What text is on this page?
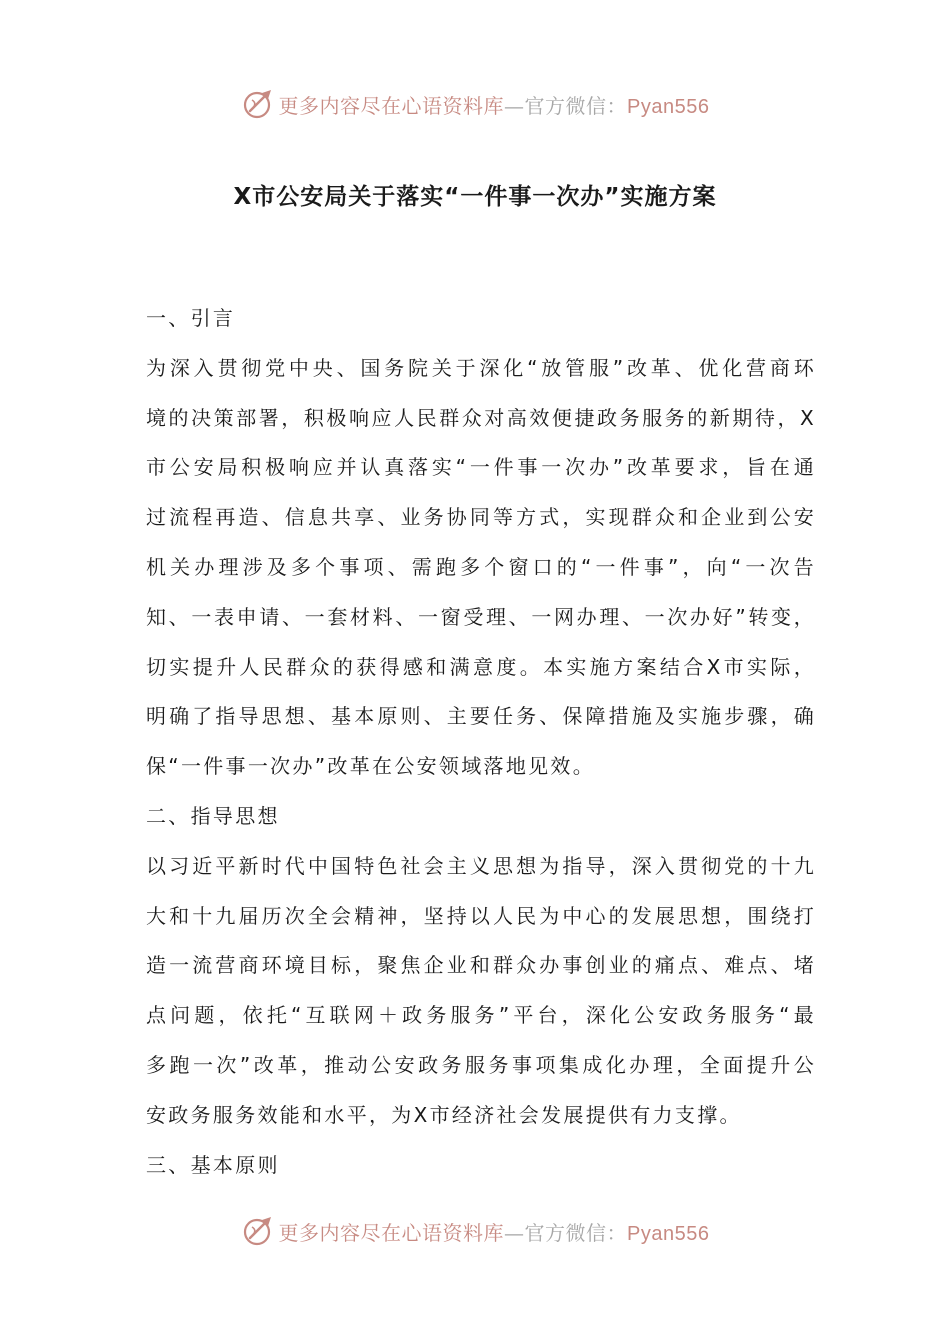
更多内容尽在心语资料库—官方微信：Pyan556
X市公安局关于落实“一件事一次办”实施方案

一、引言

为深入贯彻党中央、国务院关于深化“放管服”改革、优化营商环
境的决策部署，积极响应人民群众对高效便捷政务服务的新期待，X
市公安局积极响应并认真落实“一件事一次办”改革要求，旨在通
过流程再造、信息共享、业务协同等方式，实现群众和企业到公安
机关办理涉及多个事项、需跑多个窗口的“一件事”，向“一次告
知、一表申请、一套材料、一窗受理、一网办理、一次办好”转变，
切实提升人民群众的获得感和满意度。本实施方案结合X市实际，
明确了指导思想、基本原则、主要任务、保障措施及实施步骤，确
保“一件事一次办”改革在公安领域落地见效。

二、指导思想

以习近平新时代中国特色社会主义思想为指导，深入贯彻党的十九
大和十九届历次全会精神，坚持以人民为中心的发展思想，围绕打
造一流营商环境目标，聚焦企业和群众办事创业的痛点、难点、堵
点问题，依托“互联网＋政务服务”平台，深化公安政务服务“最
多跑一次”改革，推动公安政务服务事项集成化办理，全面提升公
安政务服务效能和水平，为X市经济社会发展提供有力支撑。

三、基本原则

更多内容尽在心语资料库—官方微信：Pyan556
